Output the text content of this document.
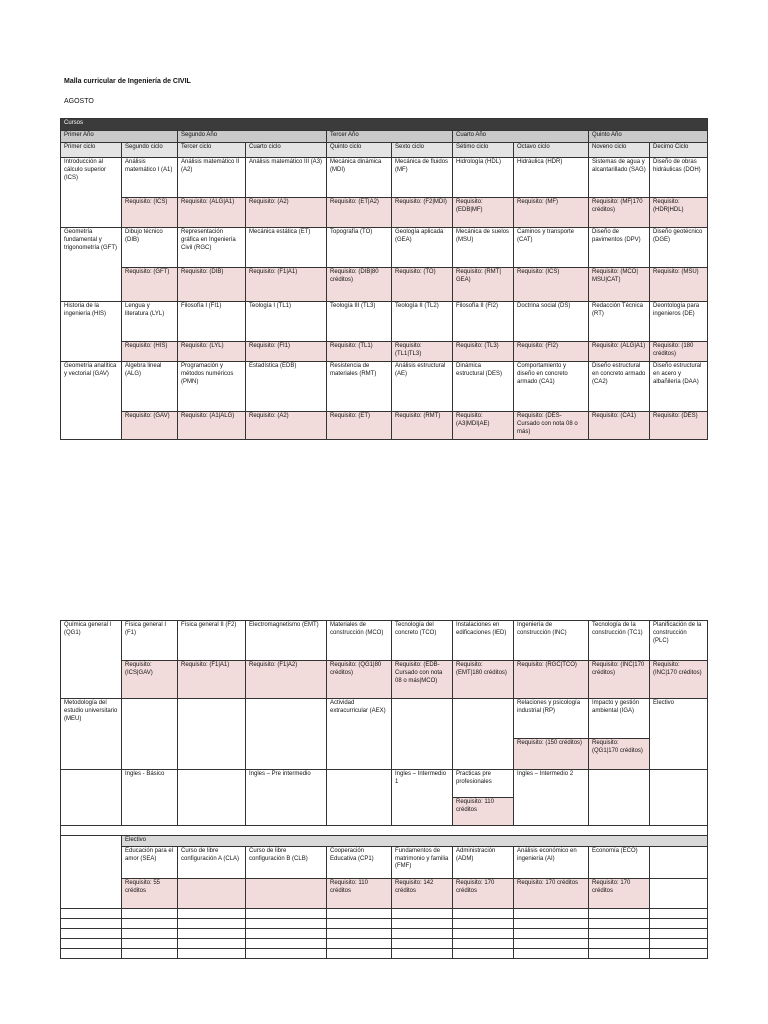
Malla curricular de Ingeniería de CIVIL
AGOSTO
Cursos									
Primer Año		Segundo Año		Tercer Año		Cuarto Año		Quinto Año	
Primer ciclo	Segundo ciclo	Tercer ciclo	Cuarto ciclo	Quinto ciclo	Sexto ciclo	Sétimo ciclo	Octavo ciclo	Noveno ciclo	Decimo Ciclo
Introducción al cálculo superior (ICS)	Análisis matemático I (A1)	Análisis matemático II (A2)	Análisis matemático III (A3)	Mecánica dinámica (MDI)	Mecánica de fluidos (MF)	Hidrología (HDL)	Hidráulica (HDR)	Sistemas de agua y alcantarillado (SAG)	Diseño de obras hidráulicas (DOH)
	Requisito: (ICS)	Requisito: (ALG|A1)	Requisito: (A2)	Requisito: (ET|A2)	Requisito: (F2|MDI)	Requisito: (EDB|MF)	Requisito: (MF)	Requisito: (MF|170 créditos)	Requisito: (HDR|HDL)
Geometría fundamental y trigonometría (GFT)	Dibujo técnico (DIB)	Representación gráfica en Ingeniería Civil (RGC)	Mecánica estática (ET)	Topografía (TO)	Geología aplicada (GEA)	Mecánica de suelos (MSU)	Caminos y transporte (CAT)	Diseño de pavimentos (DPV)	Diseño geotécnico (DGE)
	Requisito: (GFT)	Requisito: (DIB)	Requisito: (F1|A1)	Requisito: (DIB|80 créditos)	Requisito: (TO)	Requisito: (RMT| GEA)	Requisito: (ICS)	Requisito: (MCO| MSU|CAT)	Requisito: (MSU)
Historia de la ingeniería (HIS)	Lengua y literatura (LYL)	Filosofía I (FI1)	Teología I (TL1)	Teología III (TL3)	Teología II (TL2)	Filosofía II (FI2)	Doctrina social (DS)	Redacción Técnica (RT)	Deontología para ingenieros (DE)
	Requisito: (HIS)	Requisito: (LYL)	Requisito: (FI1)	Requisito: (TL1)	Requisito: (TL1|TL3)	Requisito: (TL3)	Requisito: (FI2)	Requisito: (ALG|A1)	Requisito: (180 créditos)
Geometría analítica y vectorial (GAV)	Álgebra lineal (ALG)	Programación y métodos numéricos (PMN)	Estadística (EDB)	Resistencia de materiales (RMT)	Análisis estructural (AE)	Dinámica estructural (DES)	Comportamiento y diseño en concreto armado (CA1)	Diseño estructural en concreto armado (CA2)	Diseño estructural en acero y albañilería (DAA)
	Requisito: (GAV)	Requisito: (A1|ALG)	Requisito: (A2)	Requisito: (ET)	Requisito: (RMT)	Requisito: (A3|MDI|AE)	Requisito: (DES- Cursado con nota 08 o más)	Requisito: (CA1)	Requisito: (DES)
Química general I (QG1)	Física general I (F1)	Física general II (F2)	Electromagnetismo (EMT)	Materiales de construcción (MCO)	Tecnología del concreto (TCO)	Instalaciones en edificaciones (IED)	Ingeniería de construcción (INC)	Tecnología de la construcción (TC1)	Planificación de la construcción (PLC)
	Requisito: (ICS|GAV)	Requisito: (F1|A1)	Requisito: (F1|A2)	Requisito: (QG1|80 créditos)	Requisito: (EDB- Cursado con nota 08 o más|MCO)	Requisito: (EMT|180 créditos)	Requisito: (RGC|TCO)	Requisito: (INC|170 créditos)	Requisito: (INC|170 créditos)
Metodología del estudio universitario (MEU)				Actividad extracurricular (AEX)			Relaciones y psicología industrial (RP)	Impacto y gestión ambiental (IGA)	Electivo
							Requisito: (150 créditos)	Requisito: (QG1|170 créditos)	
	Ingles - Básico		Ingles – Pre intermedio		Ingles – Intermedio 1	Practicas pre profesionales	Ingles – Intermedio 2		
						Requisito: 110 créditos			

	Electivo								
	Educación para el amor (SEA)	Curso de libre configuración A (CLA)	Curso de libre configuración B (CLB)	Cooperación Educativa (CP1)	Fundamentos de matrimonio y familia (FMF)	Administración (ADM)	Análisis económico en ingeniería (AI)	Economía (ECO)	
	Requisito: 55 créditos			Requisito: 110 créditos	Requisito: 142 créditos	Requisito: 170 créditos	Requisito: 170 créditos	Requisito: 170 créditos	
